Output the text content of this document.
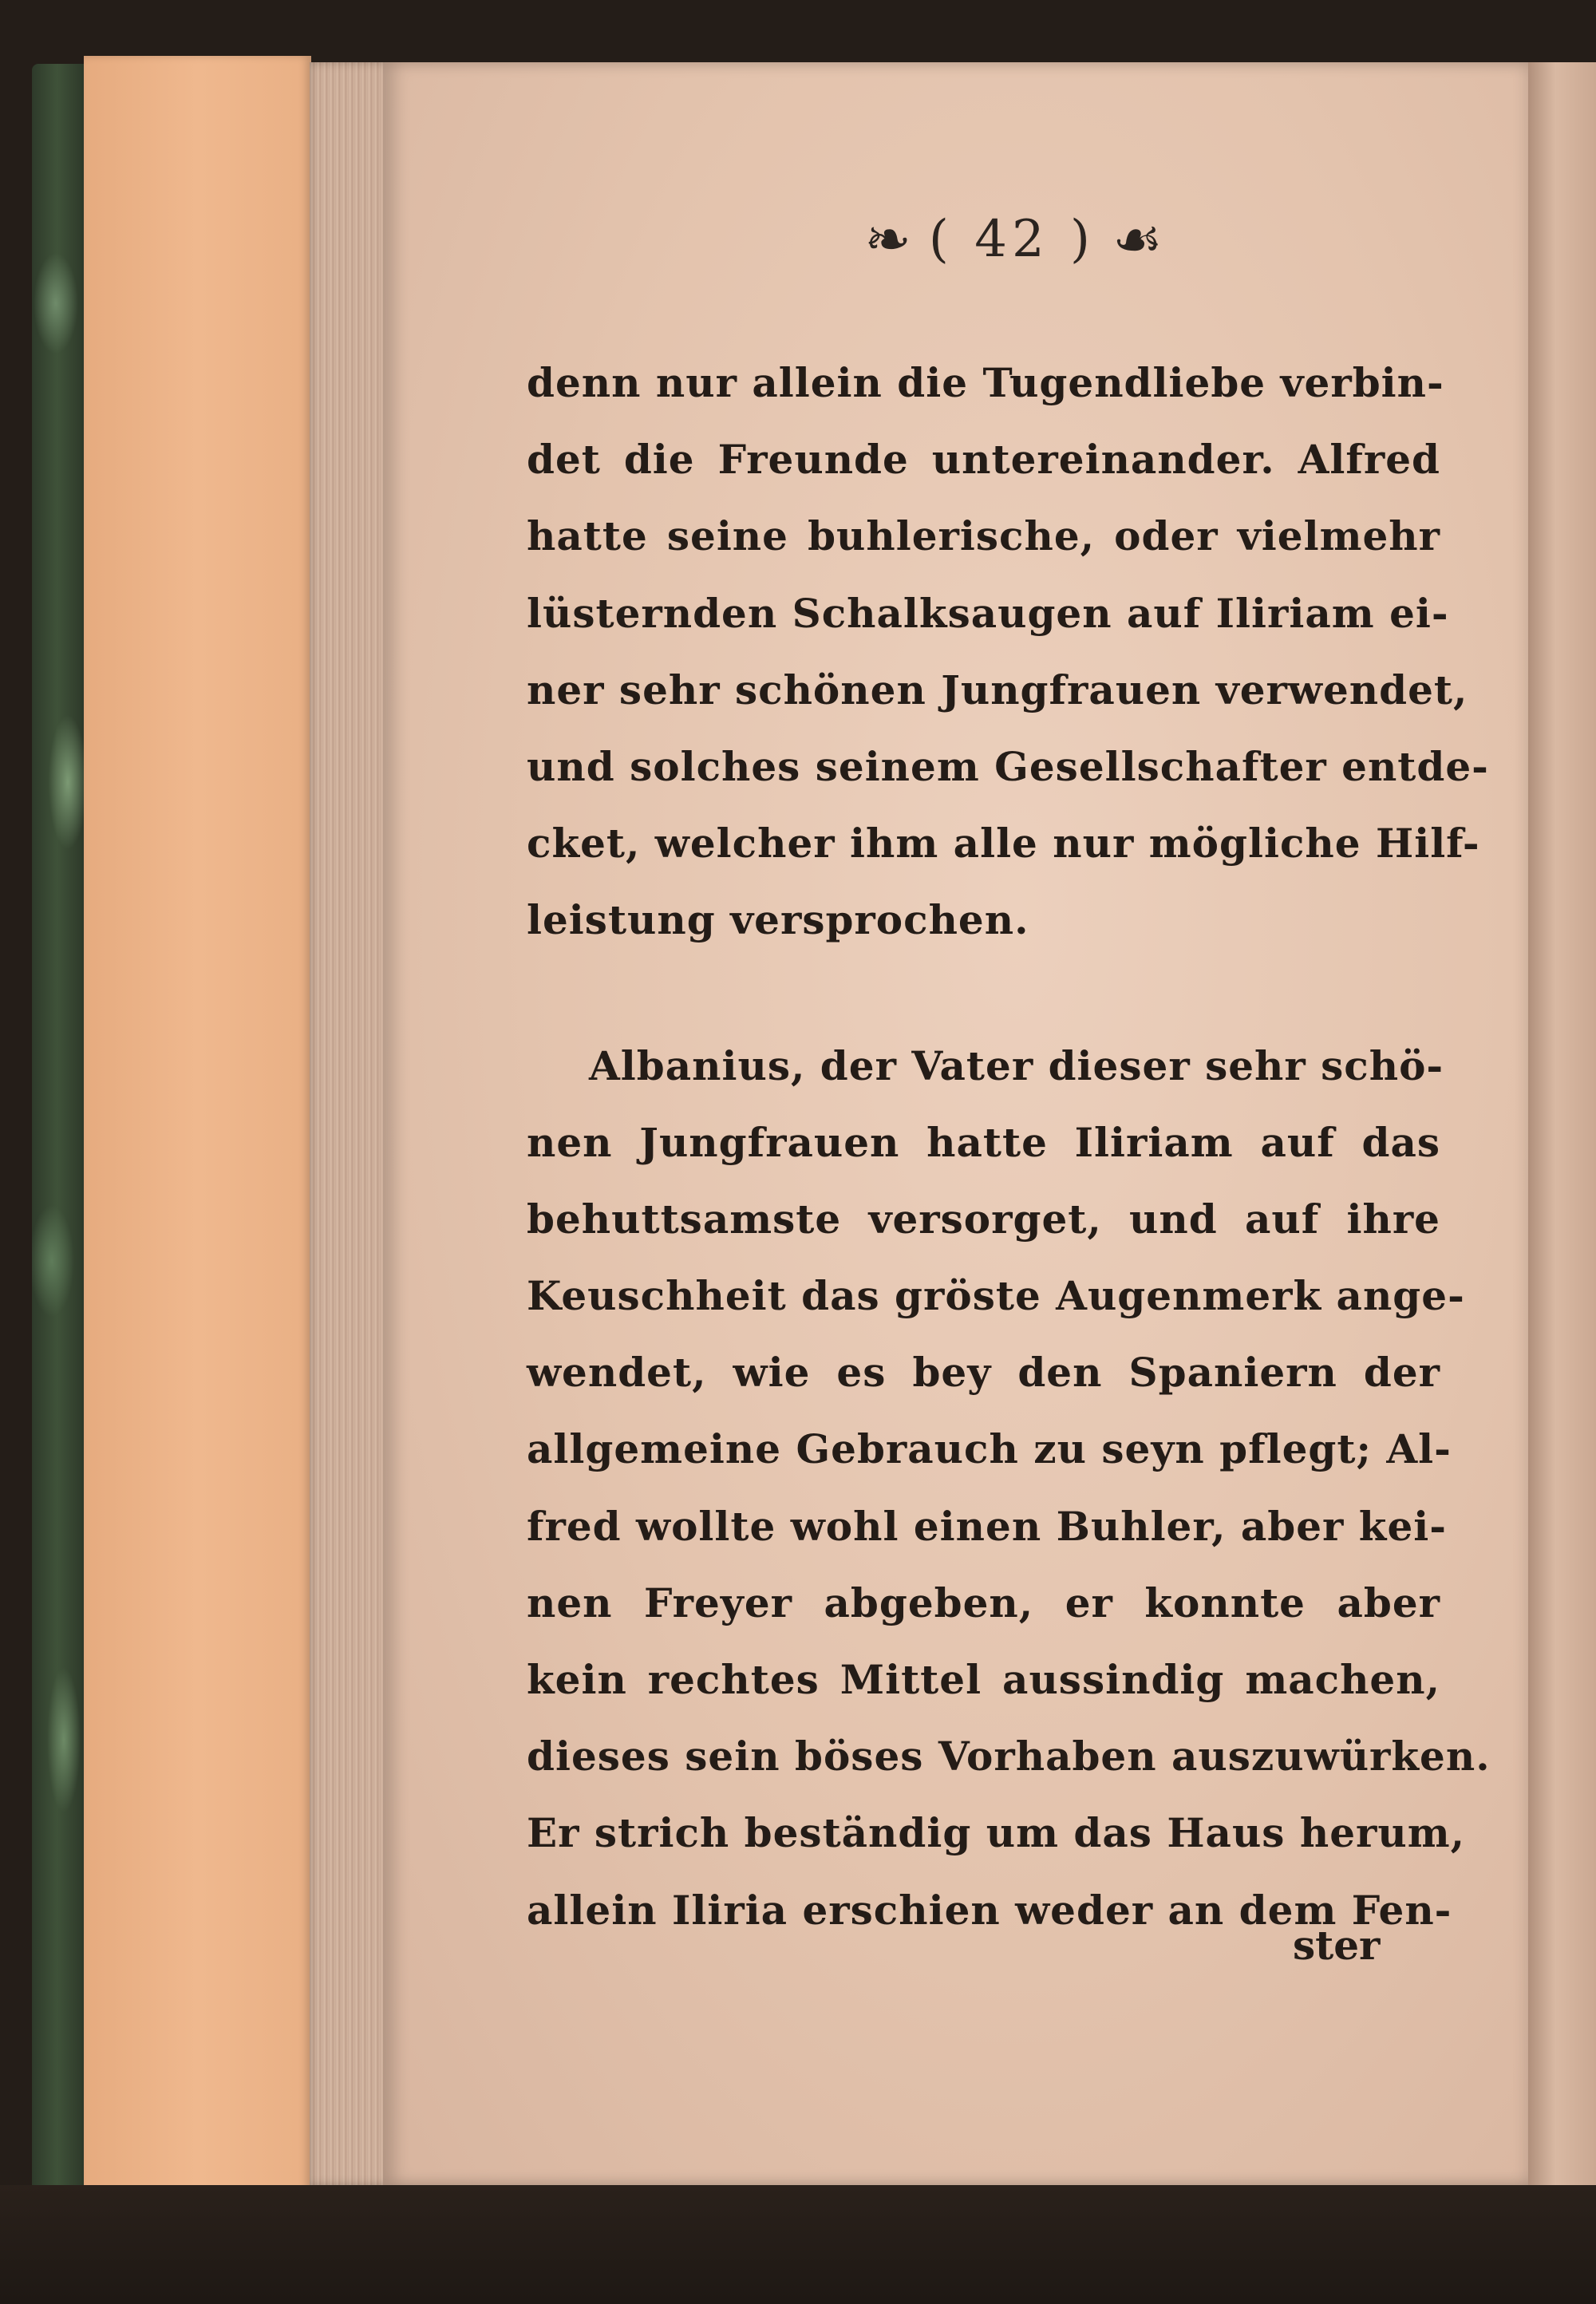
❧ ( 42 ) ☙
denn nur allein die Tugendliebe verbin-
det die Freunde untereinander. Alfred
hatte seine buhlerische, oder vielmehr
lüsternden Schalksaugen auf Iliriam ei-
ner sehr schönen Jungfrauen verwendet,
und solches seinem Gesellschafter entde-
cket, welcher ihm alle nur mögliche Hilf-
leistung versprochen.
Albanius, der Vater dieser sehr schö-
nen Jungfrauen hatte Iliriam auf das
behuttsamste versorget, und auf ihre
Keuschheit das gröste Augenmerk ange-
wendet, wie es bey den Spaniern der
allgemeine Gebrauch zu seyn pflegt; Al-
fred wollte wohl einen Buhler, aber kei-
nen Freyer abgeben, er konnte aber
kein rechtes Mittel aussindig machen,
dieses sein böses Vorhaben auszuwürken.
Er strich beständig um das Haus herum,
allein Iliria erschien weder an dem Fen-
ster
